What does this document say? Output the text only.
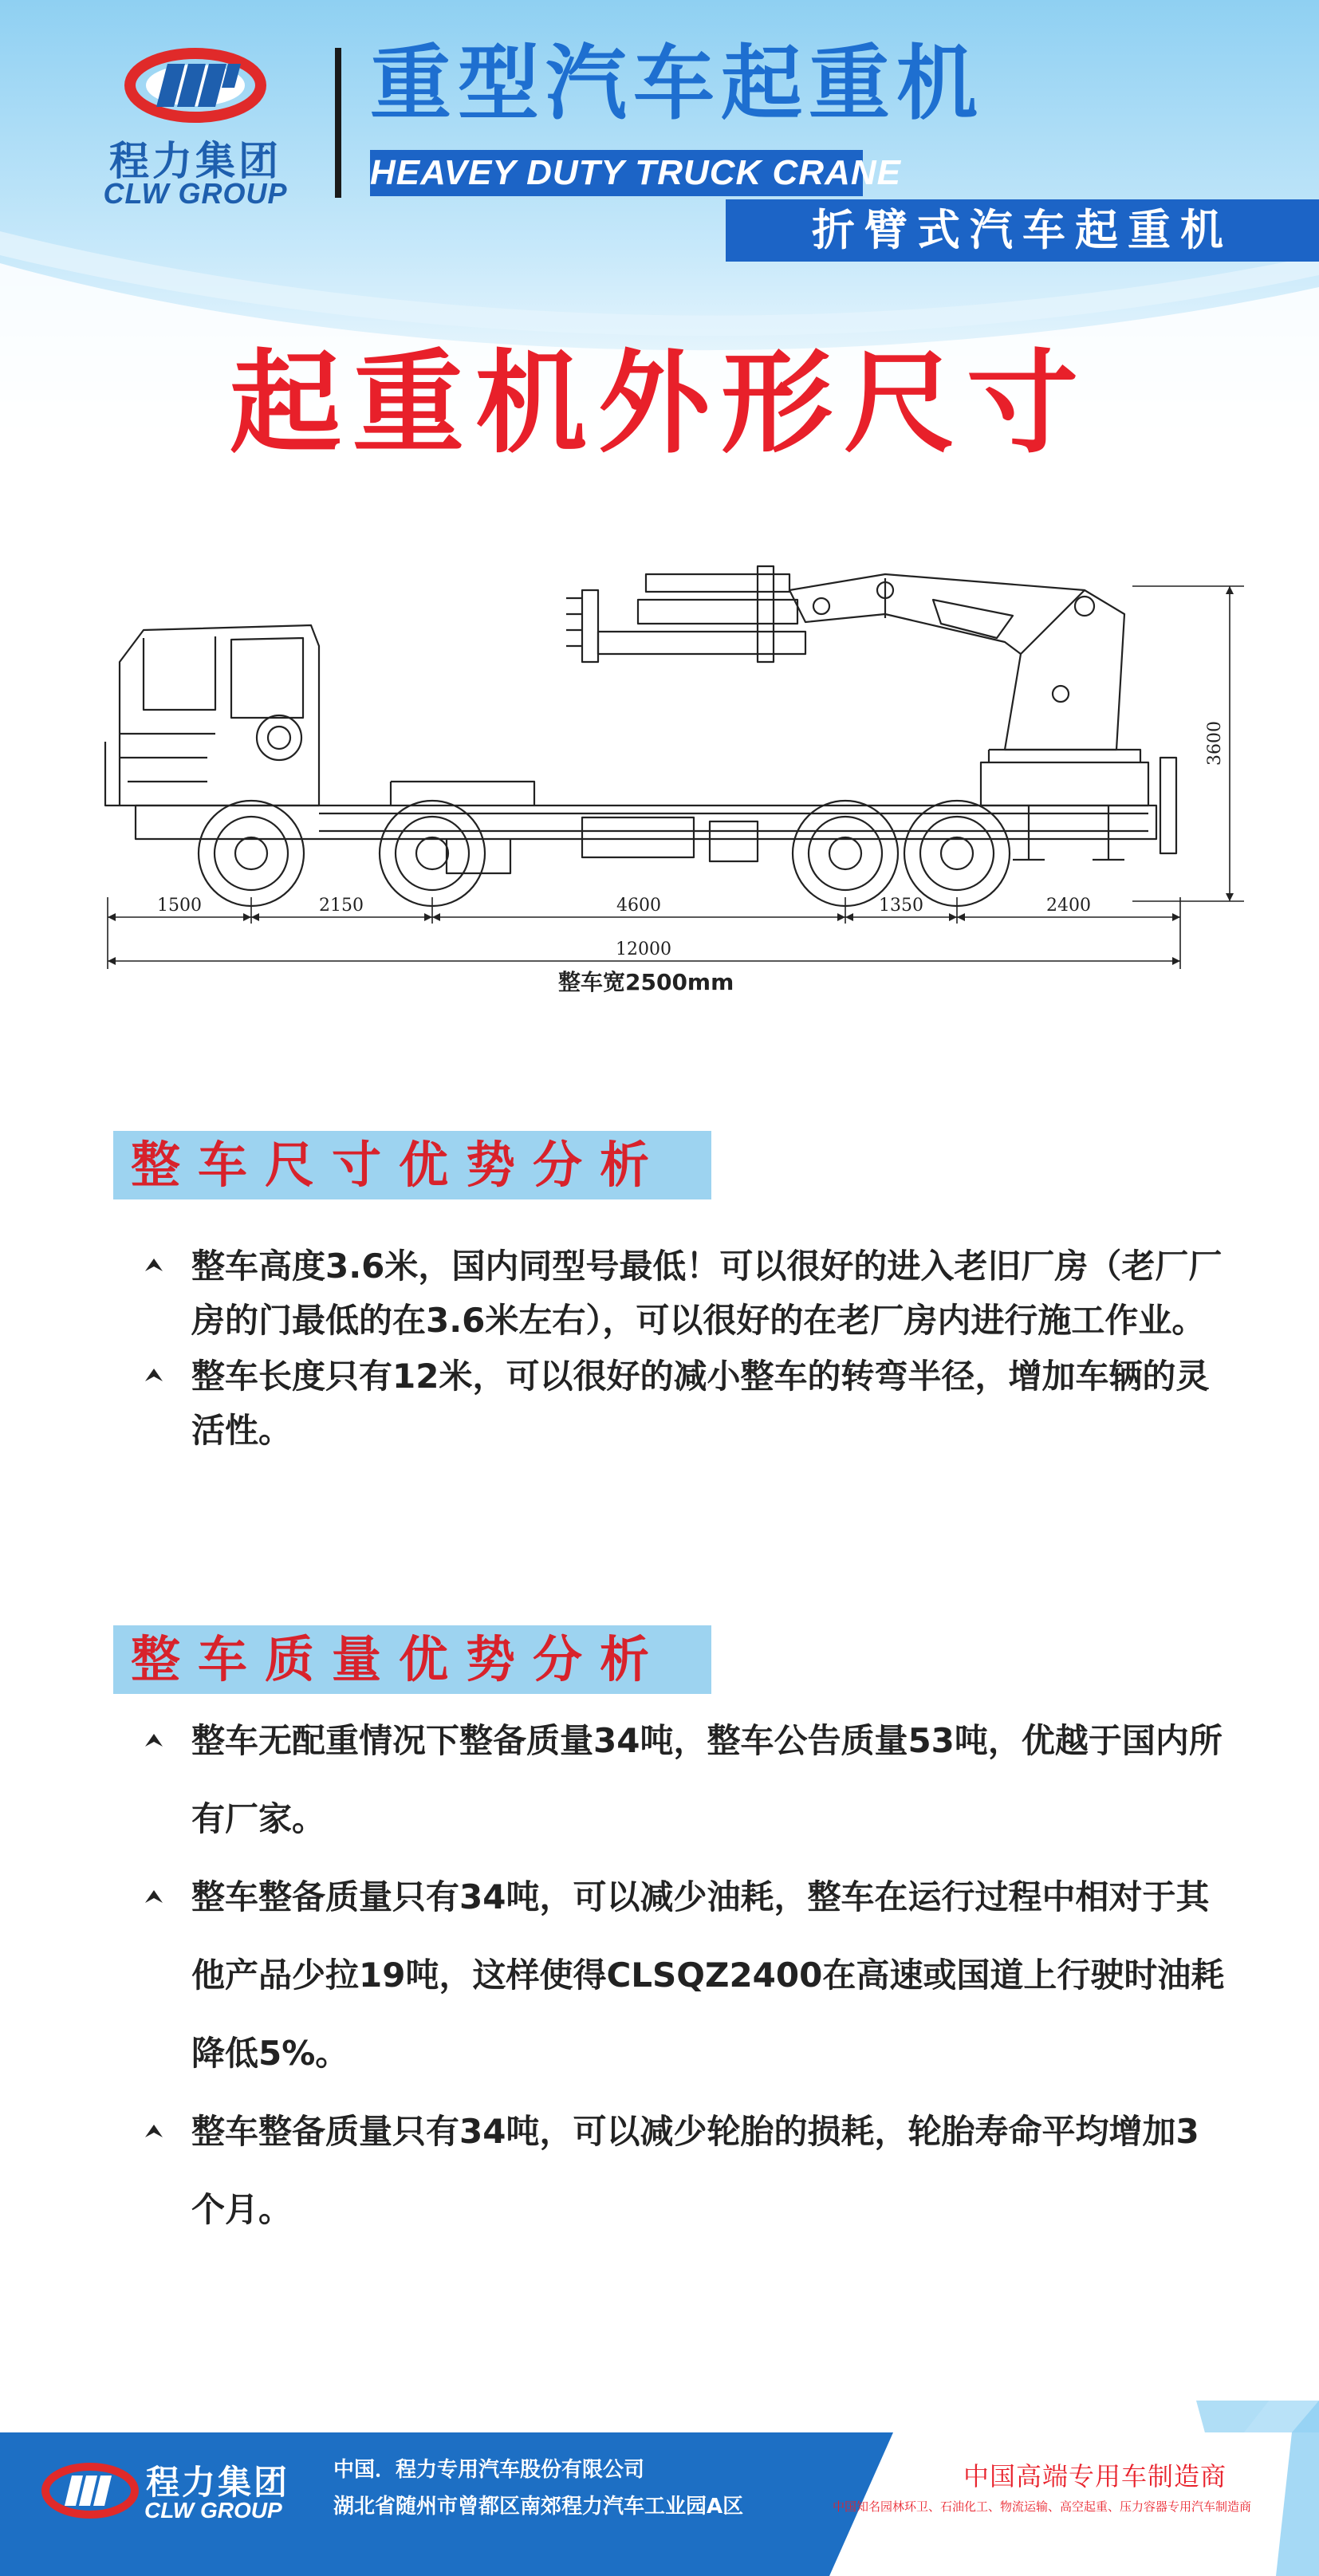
程力集团
CLW GROUP
重型汽车起重机
HEAVEY DUTY TRUCK CRANE
折臂式汽车起重机
起重机外形尺寸
1500	2150	4600	1350	2400
12000
3600
整车宽2500mm
整车尺寸优势分析
整车高度3.6米，国内同型号最低！可以很好的进入老旧厂房（老厂厂房的门最低的在3.6米左右），可以很好的在老厂房内进行施工作业。
整车长度只有12米，可以很好的减小整车的转弯半径，增加车辆的灵活性。
整车质量优势分析
整车无配重情况下整备质量34吨，整车公告质量53吨，优越于国内所有厂家。
整车整备质量只有34吨，可以减少油耗，整车在运行过程中相对于其他产品少拉19吨，这样使得CLSQZ2400在高速或国道上行驶时油耗降低5%。
整车整备质量只有34吨，可以减少轮胎的损耗，轮胎寿命平均增加3个月。
程力集团
CLW GROUP
中国．程力专用汽车股份有限公司
湖北省随州市曾都区南郊程力汽车工业园A区
中国高端专用车制造商
中国知名园林环卫、石油化工、物流运输、高空起重、压力容器专用汽车制造商
